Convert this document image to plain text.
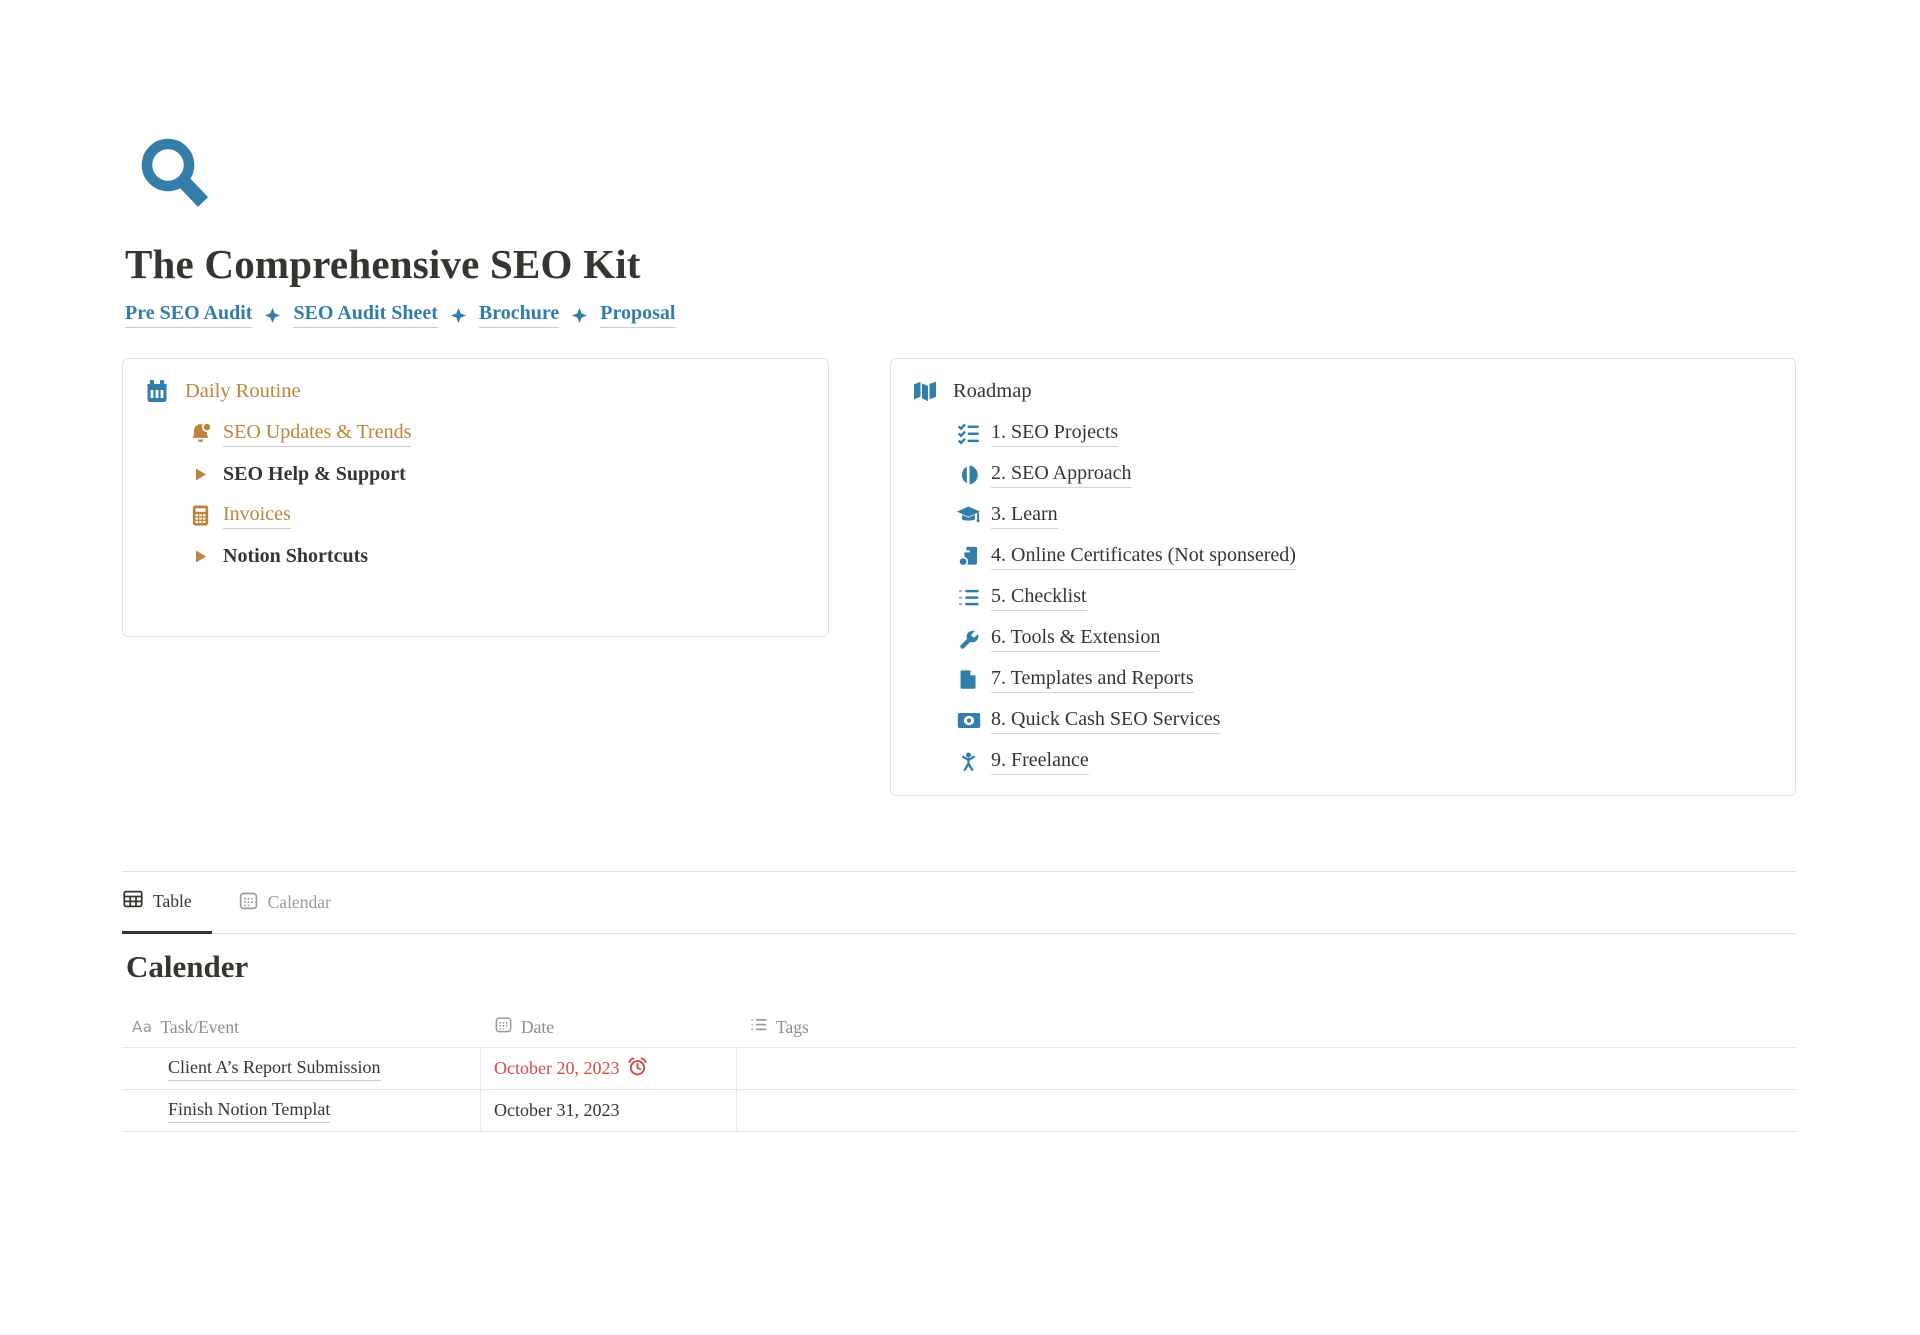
The Comprehensive SEO Kit
Pre SEO Audit SEO Audit Sheet Brochure Proposal
Daily Routine
SEO Updates & Trends
SEO Help & Support
Invoices
Notion Shortcuts
Roadmap
1. SEO Projects
2. SEO Approach
3. Learn
4. Online Certificates (Not sponsered)
5. Checklist
6. Tools & Extension
7. Templates and Reports
8. Quick Cash SEO Services
9. Freelance
Table	Calendar
Calender
Aa Task/Event	Date	Tags
Client A’s Report Submission	October 20, 2023
Finish Notion Templat	October 31, 2023
